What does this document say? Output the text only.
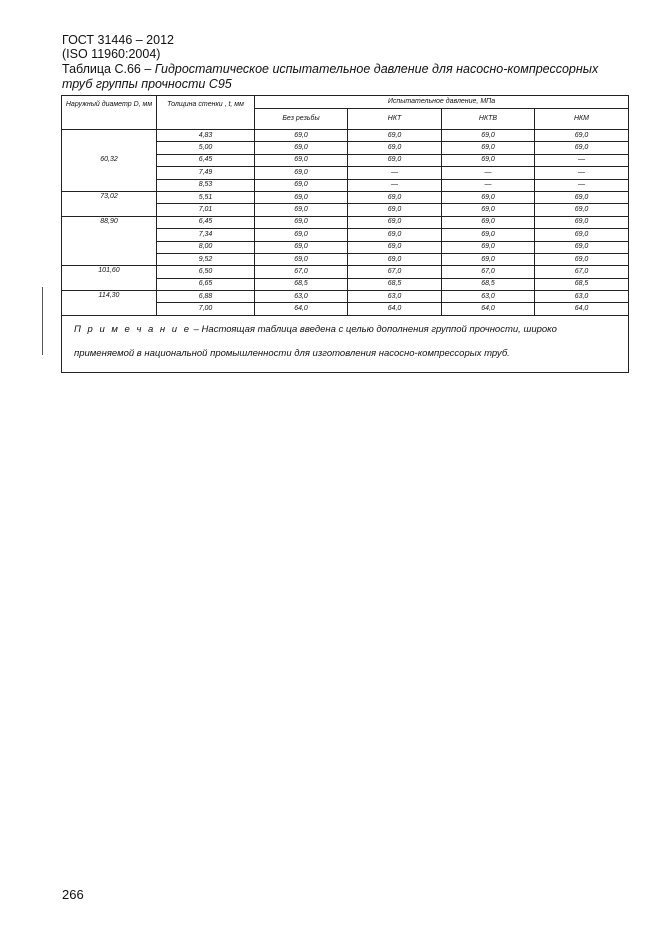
ГОСТ 31446 – 2012
(ISO 11960:2004)
Таблица С.66 – Гидростатическое испытательное давление для насосно-компрессорных труб группы прочности С95
Наружный диаметр D, мм	Толщина стенки , t, мм	Испытательное давление, МПа			
		Без резьбы	НКТ	НКТВ	НКМ
60,32	4,83	69,0	69,0	69,0	69,0
	5,00	69,0	69,0	69,0	69,0
	6,45	69,0	69,0	69,0	—
	7,49	69,0	—	—	—
	8,53	69,0	—	—	—
73,02	5,51	69,0	69,0	69,0	69,0
	7,01	69,0	69,0	69,0	69,0
88,90	6,45	69,0	69,0	69,0	69,0
	7,34	69,0	69,0	69,0	69,0
	8,00	69,0	69,0	69,0	69,0
	9,52	69,0	69,0	69,0	69,0
101,60	6,50	67,0	67,0	67,0	67,0
	6,65	68,5	68,5	68,5	68,5
114,30	6,88	63,0	63,0	63,0	63,0
	7,00	64,0	64,0	64,0	64,0

П р и м е ч а н и е – Настоящая таблица введена с целью дополнения группой прочности, широко
применяемой в национальной промышленности для изготовления насосно-компрессорых труб.					
266
